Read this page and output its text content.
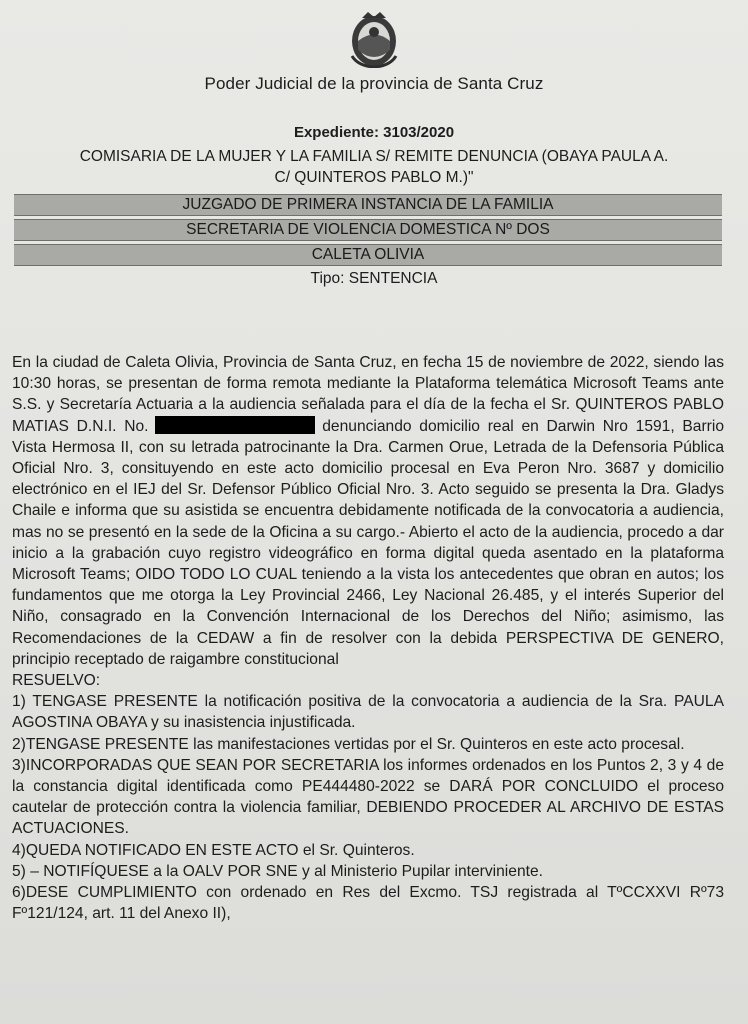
Poder Judicial de la provincia de Santa Cruz
Expediente: 3103/2020
COMISARIA DE LA MUJER Y LA FAMILIA S/ REMITE DENUNCIA (OBAYA PAULA A.
C/ QUINTEROS PABLO M.)"
JUZGADO DE PRIMERA INSTANCIA DE LA FAMILIA
SECRETARIA DE VIOLENCIA DOMESTICA Nº DOS
CALETA OLIVIA
Tipo: SENTENCIA

En la ciudad de Caleta Olivia, Provincia de Santa Cruz, en fecha 15 de noviembre de 2022, siendo las 10:30 horas, se presentan de forma remota mediante la Plataforma telemática Microsoft Teams ante S.S. y Secretaría Actuaria a la audiencia señalada para el día de la fecha el Sr. QUINTEROS PABLO MATIAS D.N.I. No.	denunciando domicilio real en Darwin Nro 1591, Barrio Vista Hermosa II, con su letrada patrocinante la Dra. Carmen Orue, Letrada de la Defensoria Pública Oficial Nro. 3, consituyendo en este acto domicilio procesal en Eva Peron Nro. 3687 y domicilio electrónico en el IEJ del Sr. Defensor Público Oficial Nro. 3. Acto seguido se presenta la Dra. Gladys Chaile e informa que su asistida se encuentra debidamente notificada de la convocatoria a audiencia, mas no se presentó en la sede de la Oficina a su cargo.- Abierto el acto de la audiencia, procedo a dar inicio a la grabación cuyo registro videográfico en forma digital queda asentado en la plataforma Microsoft Teams; OIDO TODO LO CUAL teniendo a la vista los antecedentes que obran en autos; los fundamentos que me otorga la Ley Provincial 2466, Ley Nacional 26.485, y el interés Superior del Niño, consagrado en la Convención Internacional de los Derechos del Niño; asimismo, las Recomendaciones de la CEDAW a fin de resolver con la debida PERSPECTIVA DE GENERO, principio receptado de raigambre constitucional

RESUELVO:

1) TENGASE PRESENTE la notificación positiva de la convocatoria a audiencia de la Sra. PAULA AGOSTINA OBAYA y su inasistencia injustificada.

2)TENGASE PRESENTE las manifestaciones vertidas por el Sr. Quinteros en este acto procesal.

3)INCORPORADAS QUE SEAN POR SECRETARIA los informes ordenados en los Puntos 2, 3 y 4 de la constancia digital identificada como PE444480-2022 se DARÁ POR CONCLUIDO el proceso cautelar de protección contra la violencia familiar, DEBIENDO PROCEDER AL ARCHIVO DE ESTAS ACTUACIONES.

4)QUEDA NOTIFICADO EN ESTE ACTO el Sr. Quinteros.

5) – NOTIFÍQUESE a la OALV POR SNE y al Ministerio Pupilar interviniente.

6)DESE CUMPLIMIENTO con ordenado en Res del Excmo. TSJ registrada al TºCCXXVI Rº73 Fº121/124, art. 11 del Anexo II),
